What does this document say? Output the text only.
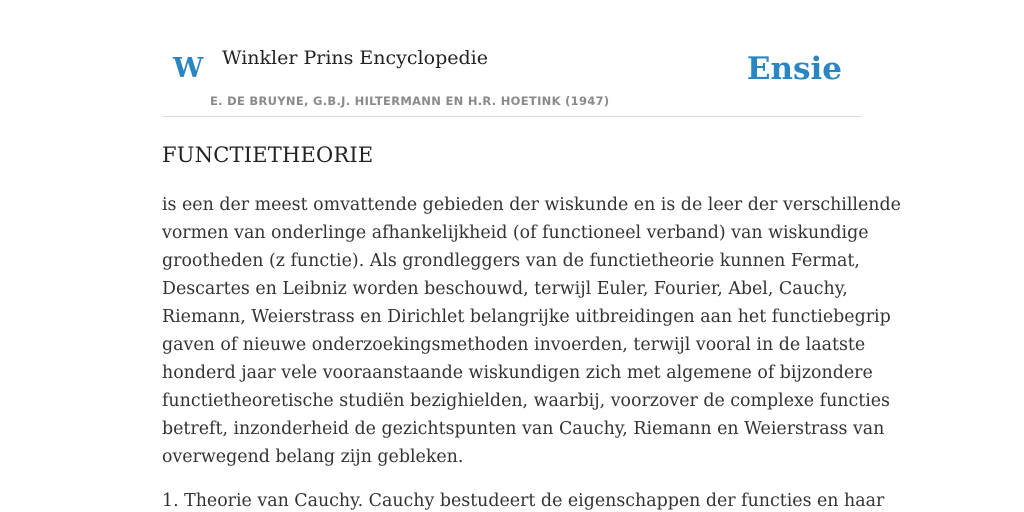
W Winkler Prins Encyclopedie
E. DE BRUYNE, G.B.J. HILTERMANN EN H.R. HOETINK (1947)
Ensie
FUNCTIETHEORIE

is een der meest omvattende gebieden der wiskunde en is de leer der verschillende
vormen van onderlinge afhankelijkheid (of functioneel verband) van wiskundige
grootheden (z functie). Als grondleggers van de functietheorie kunnen Fermat,
Descartes en Leibniz worden beschouwd, terwijl Euler, Fourier, Abel, Cauchy,
Riemann, Weierstrass en Dirichlet belangrijke uitbreidingen aan het functiebegrip
gaven of nieuwe onderzoekingsmethoden invoerden, terwijl vooral in de laatste
honderd jaar vele vooraanstaande wiskundigen zich met algemene of bijzondere
functietheoretische studiën bezighielden, waarbij, voorzover de complexe functies
betreft, inzonderheid de gezichtspunten van Cauchy, Riemann en Weierstrass van
overwegend belang zijn gebleken.

1. Theorie van Cauchy. Cauchy bestudeert de eigenschappen der functies en haar
